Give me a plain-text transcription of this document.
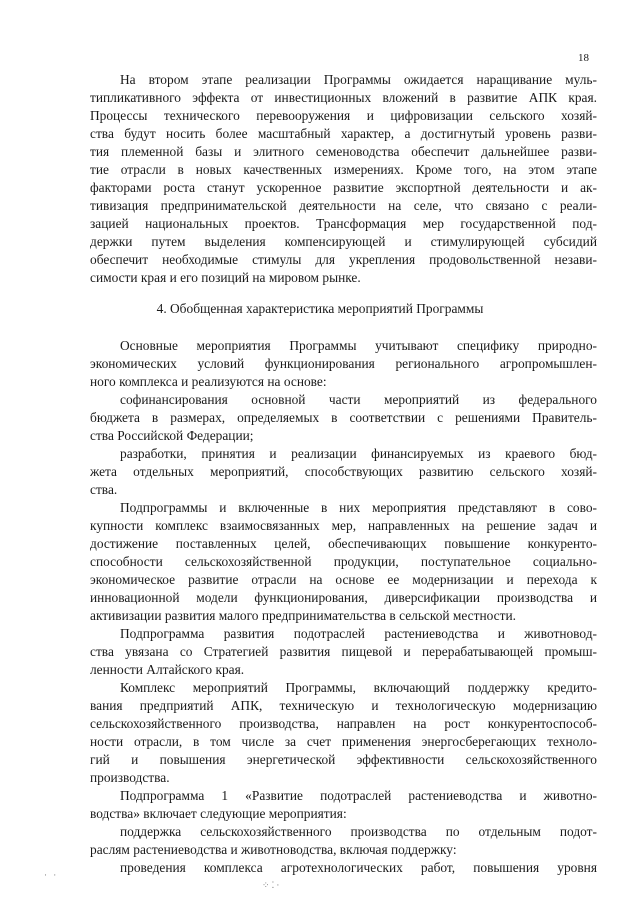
18
4. Обобщенная характеристика мероприятий Программы
На втором этапе реализации Программы ожидается наращивание муль-
типликативного эффекта от инвестиционных вложений в развитие АПК края.
Процессы технического перевооружения и цифровизации сельского хозяй-
ства будут носить более масштабный характер, а достигнутый уровень разви-
тия племенной базы и элитного семеноводства обеспечит дальнейшее разви-
тие отрасли в новых качественных измерениях. Кроме того, на этом этапе
факторами роста станут ускоренное развитие экспортной деятельности и ак-
тивизация предпринимательской деятельности на селе, что связано с реали-
зацией национальных проектов. Трансформация мер государственной под-
держки путем выделения компенсирующей и стимулирующей субсидий
обеспечит необходимые стимулы для укрепления продовольственной незави-
симости края и его позиций на мировом рынке.
Основные мероприятия Программы учитывают специфику природно-
экономических условий функционирования регионального агропромышлен-
ного комплекса и реализуются на основе:
софинансирования основной части мероприятий из федерального
бюджета в размерах, определяемых в соответствии с решениями Правитель-
ства Российской Федерации;
разработки, принятия и реализации финансируемых из краевого бюд-
жета отдельных мероприятий, способствующих развитию сельского хозяй-
ства.
Подпрограммы и включенные в них мероприятия представляют в сово-
купности комплекс взаимосвязанных мер, направленных на решение задач и
достижение поставленных целей, обеспечивающих повышение конкуренто-
способности сельскохозяйственной продукции, поступательное социально-
экономическое развитие отрасли на основе ее модернизации и перехода к
инновационной модели функционирования, диверсификации производства и
активизации развития малого предпринимательства в сельской местности.
Подпрограмма развития подотраслей растениеводства и животновод-
ства увязана со Стратегией развития пищевой и перерабатывающей промыш-
ленности Алтайского края.
Комплекс мероприятий Программы, включающий поддержку кредито-
вания предприятий АПК, техническую и технологическую модернизацию
сельскохозяйственного производства, направлен на рост конкурентоспособ-
ности отрасли, в том числе за счет применения энергосберегающих техноло-
гий и повышения энергетической эффективности сельскохозяйственного
производства.
Подпрограмма 1 «Развитие подотраслей растениеводства и животно-
водства» включает следующие мероприятия:
поддержка сельскохозяйственного производства по отдельным подот-
раслям растениеводства и животноводства, включая поддержку:
проведения комплекса агротехнологических работ, повышения уровня
· ·
⁘⁚·
